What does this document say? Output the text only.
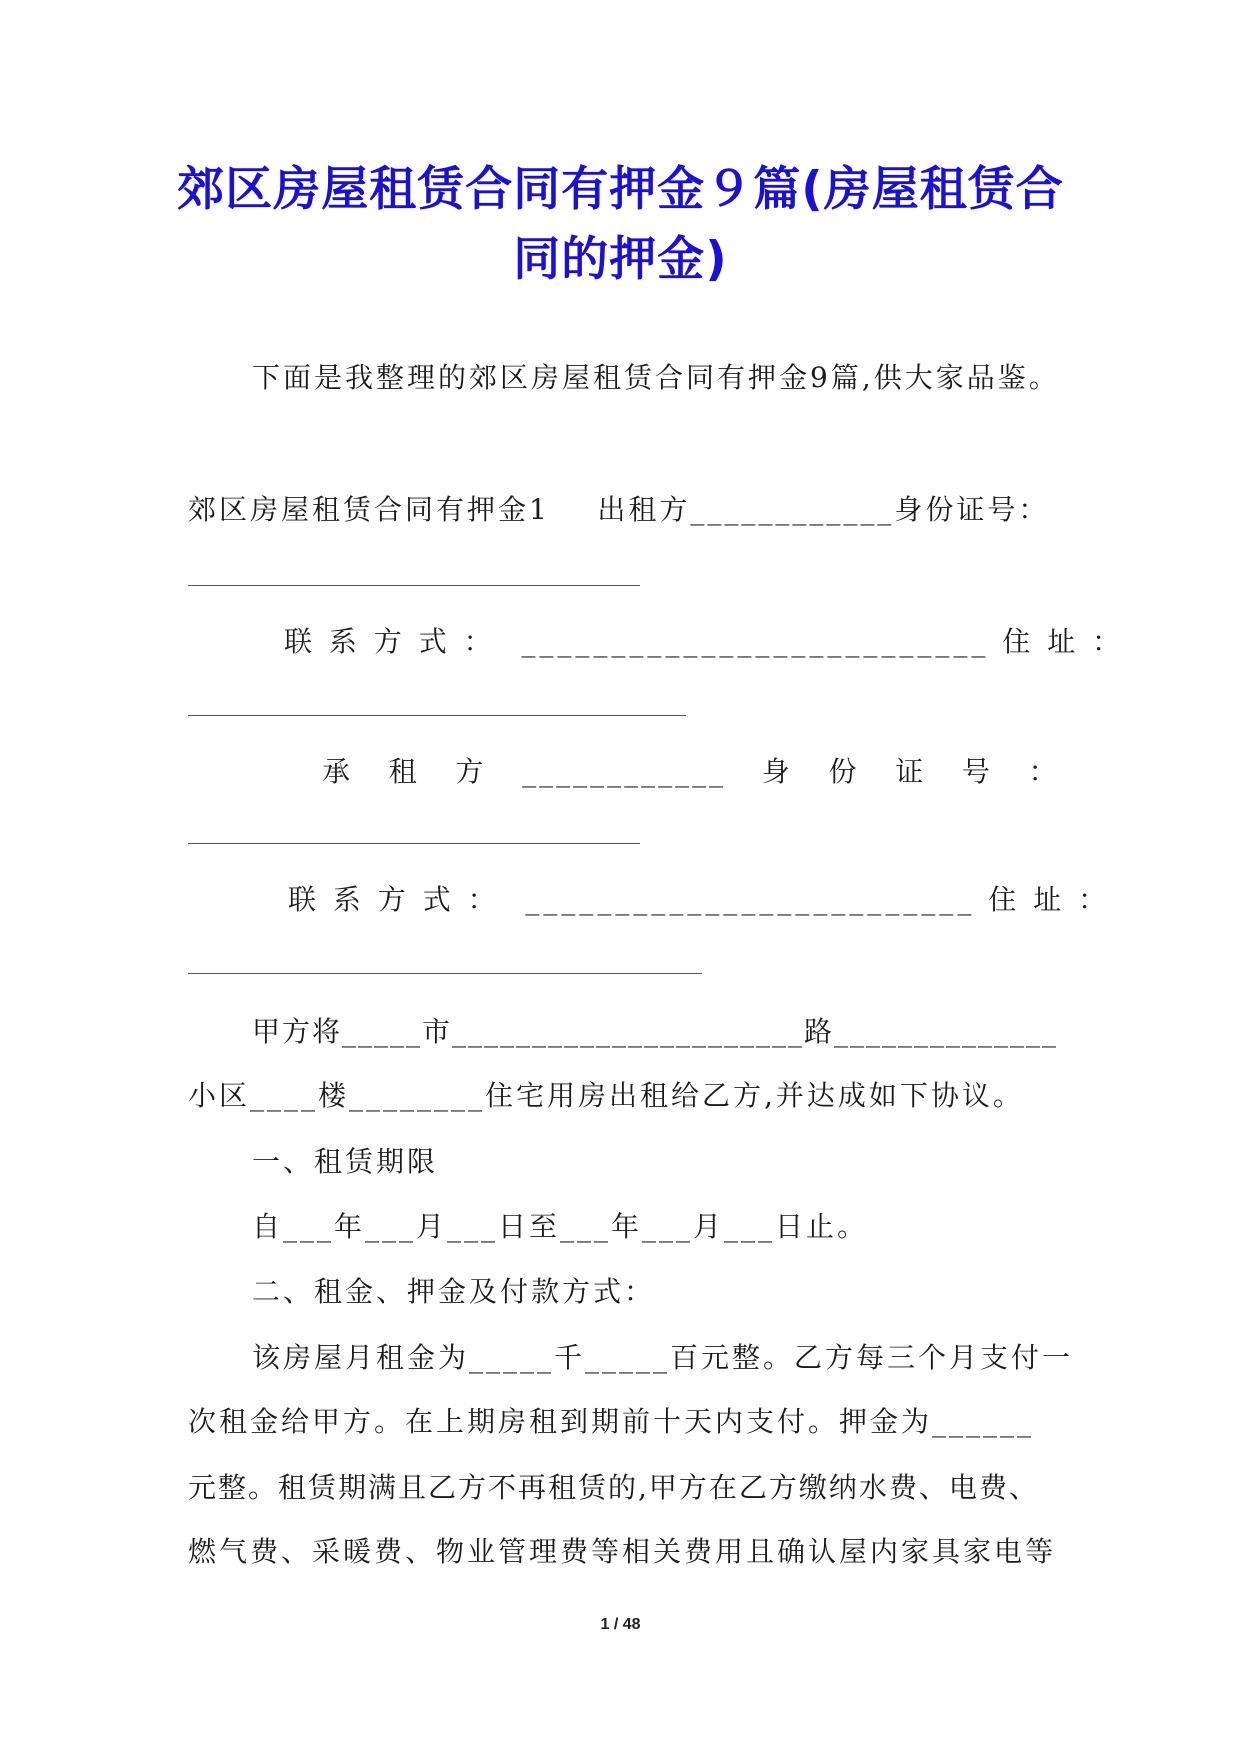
郊区房屋租赁合同有押金９篇(房屋租赁合
同的押金)
下面是我整理的郊区房屋租赁合同有押金9篇,供大家品鉴。
郊区房屋租赁合同有押金1    出租方____________身份证号：
联 系 方 式 ：  __________________________ 住 址 ：
承   租   方   ____________   身   份   证   号   ：
联 系 方 式 ：  _________________________ 住 址 ：
甲方将_____市______________________路______________
小区____楼________住宅用房出租给乙方,并达成如下协议。
一、租赁期限
自___年___月___日至___年___月___日止。
二、租金、押金及付款方式：
该房屋月租金为_____千_____百元整。乙方每三个月支付一
次租金给甲方。在上期房租到期前十天内支付。押金为______
元整。租赁期满且乙方不再租赁的,甲方在乙方缴纳水费、电费、
燃气费、采暖费、物业管理费等相关费用且确认屋内家具家电等
1 / 48
